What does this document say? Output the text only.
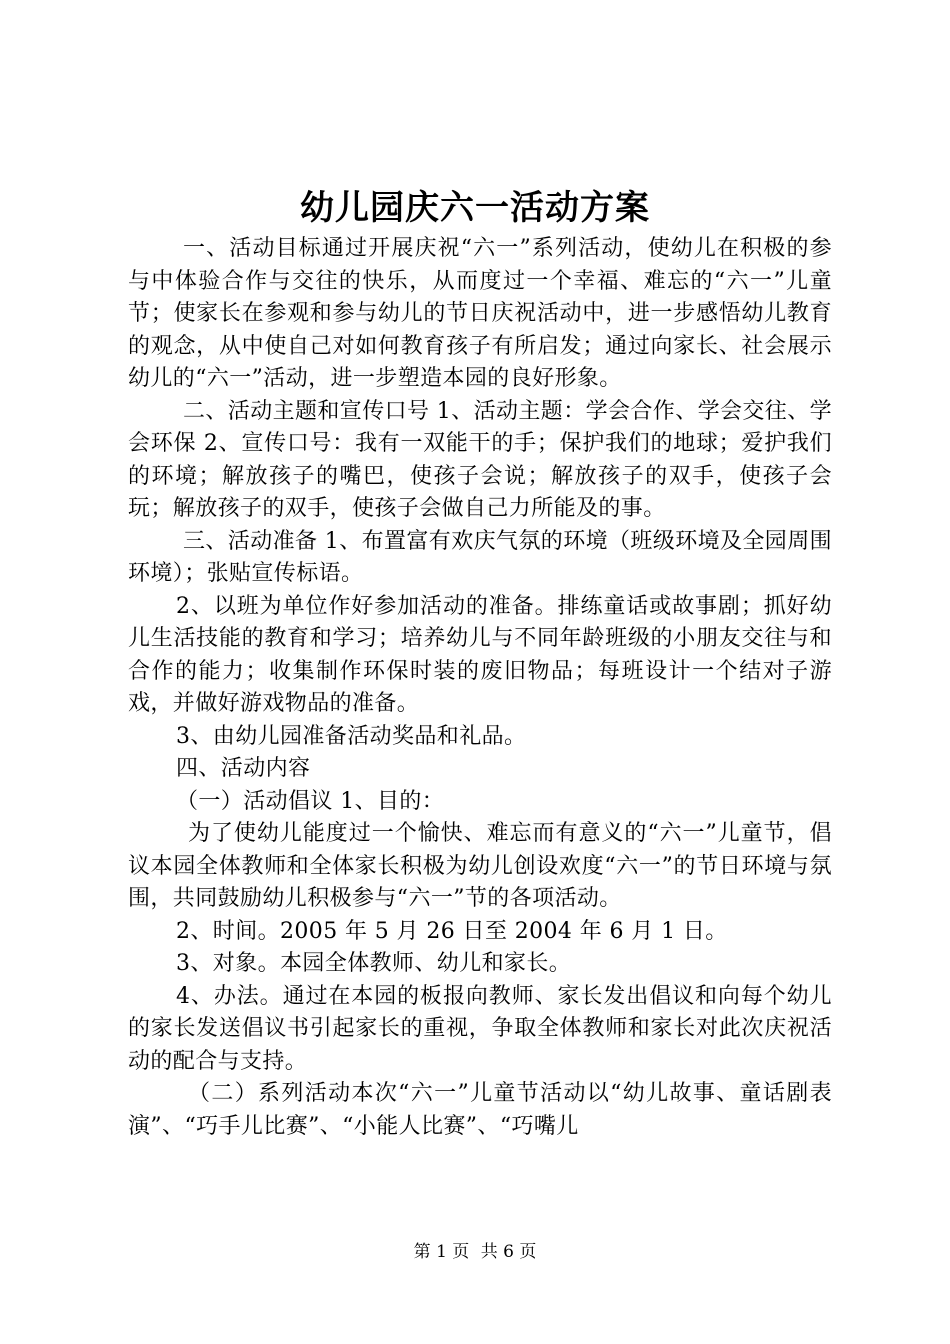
幼儿园庆六一活动方案

一、活动目标通过开展庆祝“六一”系列活动，使幼儿在积极的参与中体验合作与交往的快乐，从而度过一个幸福、难忘的“六一”儿童节；使家长在参观和参与幼儿的节日庆祝活动中，进一步感悟幼儿教育的观念，从中使自己对如何教育孩子有所启发；通过向家长、社会展示幼儿的“六一”活动，进一步塑造本园的良好形象。

二、活动主题和宣传口号 1、活动主题：学会合作、学会交往、学会环保 2、宣传口号：我有一双能干的手；保护我们的地球；爱护我们的环境；解放孩子的嘴巴，使孩子会说；解放孩子的双手，使孩子会玩；解放孩子的双手，使孩子会做自己力所能及的事。

三、活动准备 1、布置富有欢庆气氛的环境（班级环境及全园周围环境）；张贴宣传标语。

2、以班为单位作好参加活动的准备。排练童话或故事剧；抓好幼儿生活技能的教育和学习；培养幼儿与不同年龄班级的小朋友交往与和合作的能力；收集制作环保时装的废旧物品；每班设计一个结对子游戏，并做好游戏物品的准备。

3、由幼儿园准备活动奖品和礼品。

四、活动内容

（一）活动倡议 1、目的：

为了使幼儿能度过一个愉快、难忘而有意义的“六一”儿童节，倡议本园全体教师和全体家长积极为幼儿创设欢度“六一”的节日环境与氛围，共同鼓励幼儿积极参与“六一”节的各项活动。

2、时间。2005 年 5 月 26 日至 2004 年 6 月 1 日。

3、对象。本园全体教师、幼儿和家长。

4、办法。通过在本园的板报向教师、家长发出倡议和向每个幼儿的家长发送倡议书引起家长的重视，争取全体教师和家长对此次庆祝活动的配合与支持。

（二）系列活动本次“六一”儿童节活动以“幼儿故事、童话剧表演”、“巧手儿比赛”、“小能人比赛”、“巧嘴儿

第 1 页 共 6 页
